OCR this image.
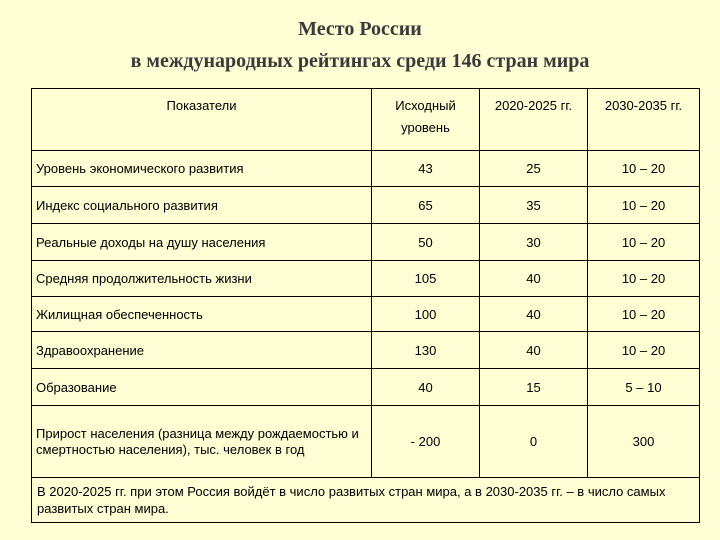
Место России
в международных рейтингах среди 146 стран мира
Показатели	Исходный уровень	2020-2025 гг.	2030-2035 гг.
Уровень экономического развития	43	25	10 – 20
Индекс социального развития	65	35	10 – 20
Реальные доходы на душу населения	50	30	10 – 20
Средняя продолжительность жизни	105	40	10 – 20
Жилищная обеспеченность	100	40	10 – 20
Здравоохранение	130	40	10 – 20
Образование	40	15	5 – 10
Прирост населения (разница между рождаемостью и смертностью населения), тыс. человек в год	- 200	0	300
В 2020-2025 гг. при этом Россия войдёт в число развитых стран мира, а в 2030-2035 гг. – в число самых развитых стран мира.			
